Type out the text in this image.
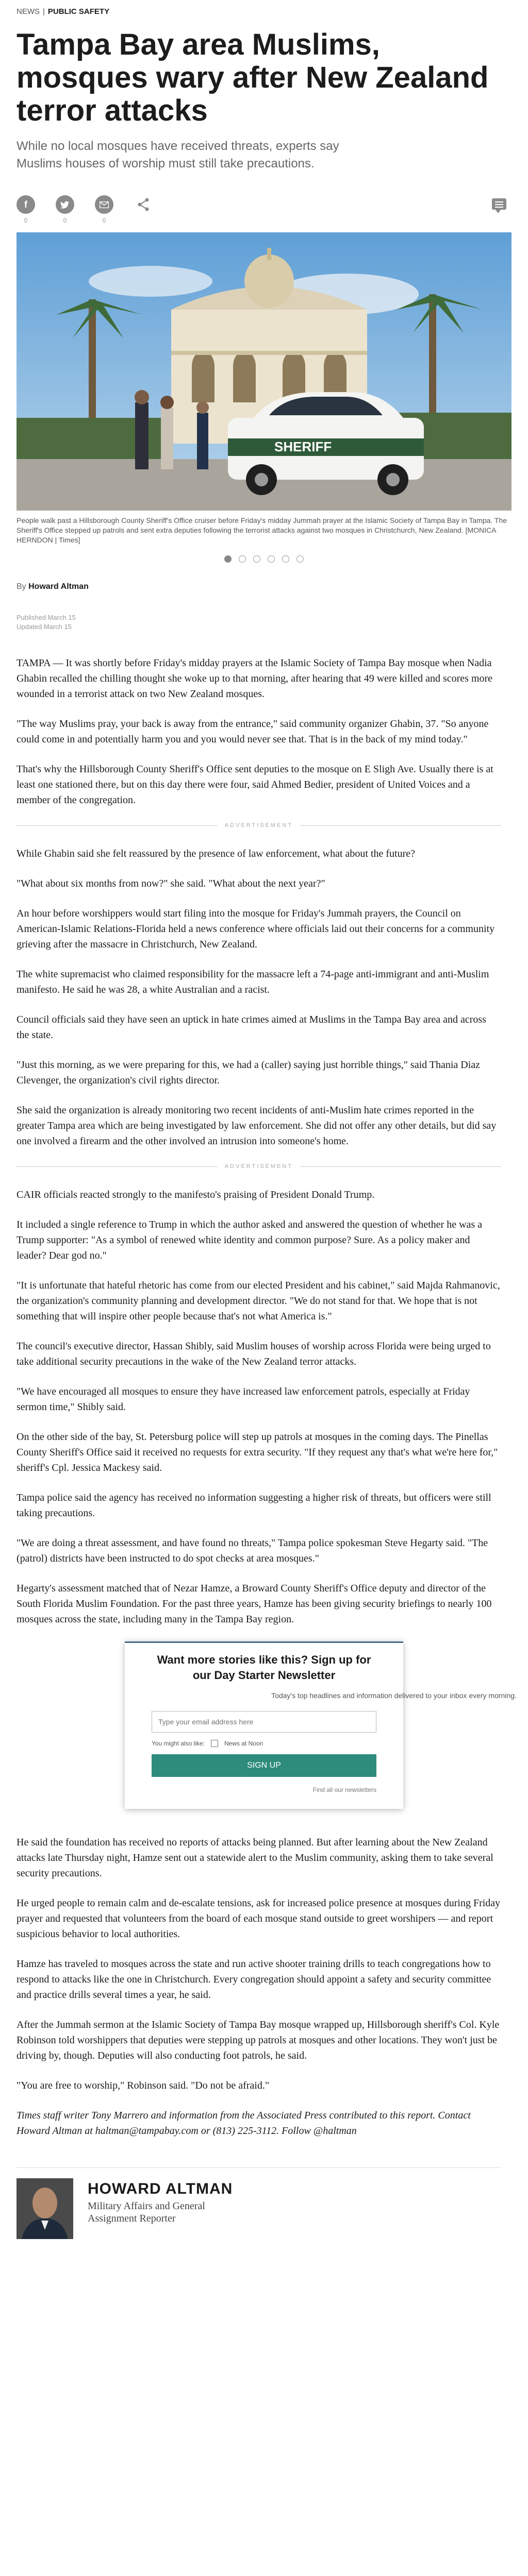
NEWS | PUBLIC SAFETY
Tampa Bay area Muslims, mosques wary after New Zealand terror attacks

While no local mosques have received threats, experts say Muslims houses of worship must still take precautions.

f
0	0	0
SHERIFF
People walk past a Hillsborough County Sheriff's Office cruiser before Friday's midday Jummah prayer at the Islamic Society of Tampa Bay in Tampa. The Sheriff's Office stepped up patrols and sent extra deputies following the terrorist attacks against two mosques in Christchurch, New Zealand. [MONICA HERNDON | Times]
By Howard Altman
Published March 15
Updated March 15

TAMPA — It was shortly before Friday's midday prayers at the Islamic Society of Tampa Bay mosque when Nadia Ghabin recalled the chilling thought she woke up to that morning, after hearing that 49 were killed and scores more wounded in a terrorist attack on two New Zealand mosques.

"The way Muslims pray, your back is away from the entrance," said community organizer Ghabin, 37. "So anyone could come in and potentially harm you and you would never see that. That is in the back of my mind today."

That's why the Hillsborough County Sheriff's Office sent deputies to the mosque on E Sligh Ave. Usually there is at least one stationed there, but on this day there were four, said Ahmed Bedier, president of United Voices and a member of the congregation.

ADVERTISEMENT

While Ghabin said she felt reassured by the presence of law enforcement, what about the future?

"What about six months from now?" she said. "What about the next year?"

An hour before worshippers would start filing into the mosque for Friday's Jummah prayers, the Council on American-Islamic Relations-Florida held a news conference where officials laid out their concerns for a community grieving after the massacre in Christchurch, New Zealand.

The white supremacist who claimed responsibility for the massacre left a 74-page anti-immigrant and anti-Muslim manifesto. He said he was 28, a white Australian and a racist.

Council officials said they have seen an uptick in hate crimes aimed at Muslims in the Tampa Bay area and across the state.

"Just this morning, as we were preparing for this, we had a (caller) saying just horrible things," said Thania Diaz Clevenger, the organization's civil rights director.

She said the organization is already monitoring two recent incidents of anti-Muslim hate crimes reported in the greater Tampa area which are being investigated by law enforcement. She did not offer any other details, but did say one involved a firearm and the other involved an intrusion into someone's home.

ADVERTISEMENT

CAIR officials reacted strongly to the manifesto's praising of President Donald Trump.

It included a single reference to Trump in which the author asked and answered the question of whether he was a Trump supporter: "As a symbol of renewed white identity and common purpose? Sure. As a policy maker and leader? Dear god no."

"It is unfortunate that hateful rhetoric has come from our elected President and his cabinet," said Majda Rahmanovic, the organization's community planning and development director. "We do not stand for that. We hope that is not something that will inspire other people because that's not what America is."

The council's executive director, Hassan Shibly, said Muslim houses of worship across Florida were being urged to take additional security precautions in the wake of the New Zealand terror attacks.

"We have encouraged all mosques to ensure they have increased law enforcement patrols, especially at Friday sermon time," Shibly said.

On the other side of the bay, St. Petersburg police will step up patrols at mosques in the coming days. The Pinellas County Sheriff's Office said it received no requests for extra security. "If they request any that's what we're here for," sheriff's Cpl. Jessica Mackesy said.

Tampa police said the agency has received no information suggesting a higher risk of threats, but officers were still taking precautions.

"We are doing a threat assessment, and have found no threats," Tampa police spokesman Steve Hegarty said. "The (patrol) districts have been instructed to do spot checks at area mosques."

Hegarty's assessment matched that of Nezar Hamze, a Broward County Sheriff's Office deputy and director of the South Florida Muslim Foundation. For the past three years, Hamze has been giving security briefings to nearly 100 mosques across the state, including many in the Tampa Bay region.

Want more stories like this? Sign up for our Day Starter Newsletter

Today's top headlines and information delivered to your inbox every morning.

Type your email address here
You might also like:	News at Noon
SIGN UP
Find all our newsletters

He said the foundation has received no reports of attacks being planned. But after learning about the New Zealand attacks late Thursday night, Hamze sent out a statewide alert to the Muslim community, asking them to take several security precautions.

He urged people to remain calm and de-escalate tensions, ask for increased police presence at mosques during Friday prayer and requested that volunteers from the board of each mosque stand outside to greet worshipers — and report suspicious behavior to local authorities.

Hamze has traveled to mosques across the state and run active shooter training drills to teach congregations how to respond to attacks like the one in Christchurch. Every congregation should appoint a safety and security committee and practice drills several times a year, he said.

After the Jummah sermon at the Islamic Society of Tampa Bay mosque wrapped up, Hillsborough sheriff's Col. Kyle Robinson told worshippers that deputies were stepping up patrols at mosques and other locations. They won't just be driving by, though. Deputies will also conducting foot patrols, he said.

"You are free to worship," Robinson said. "Do not be afraid."

Times staff writer Tony Marrero and information from the Associated Press contributed to this report. Contact Howard Altman at haltman@tampabay.com or (813) 225-3112. Follow @haltman

HOWARD ALTMAN
Military Affairs and General Assignment Reporter
